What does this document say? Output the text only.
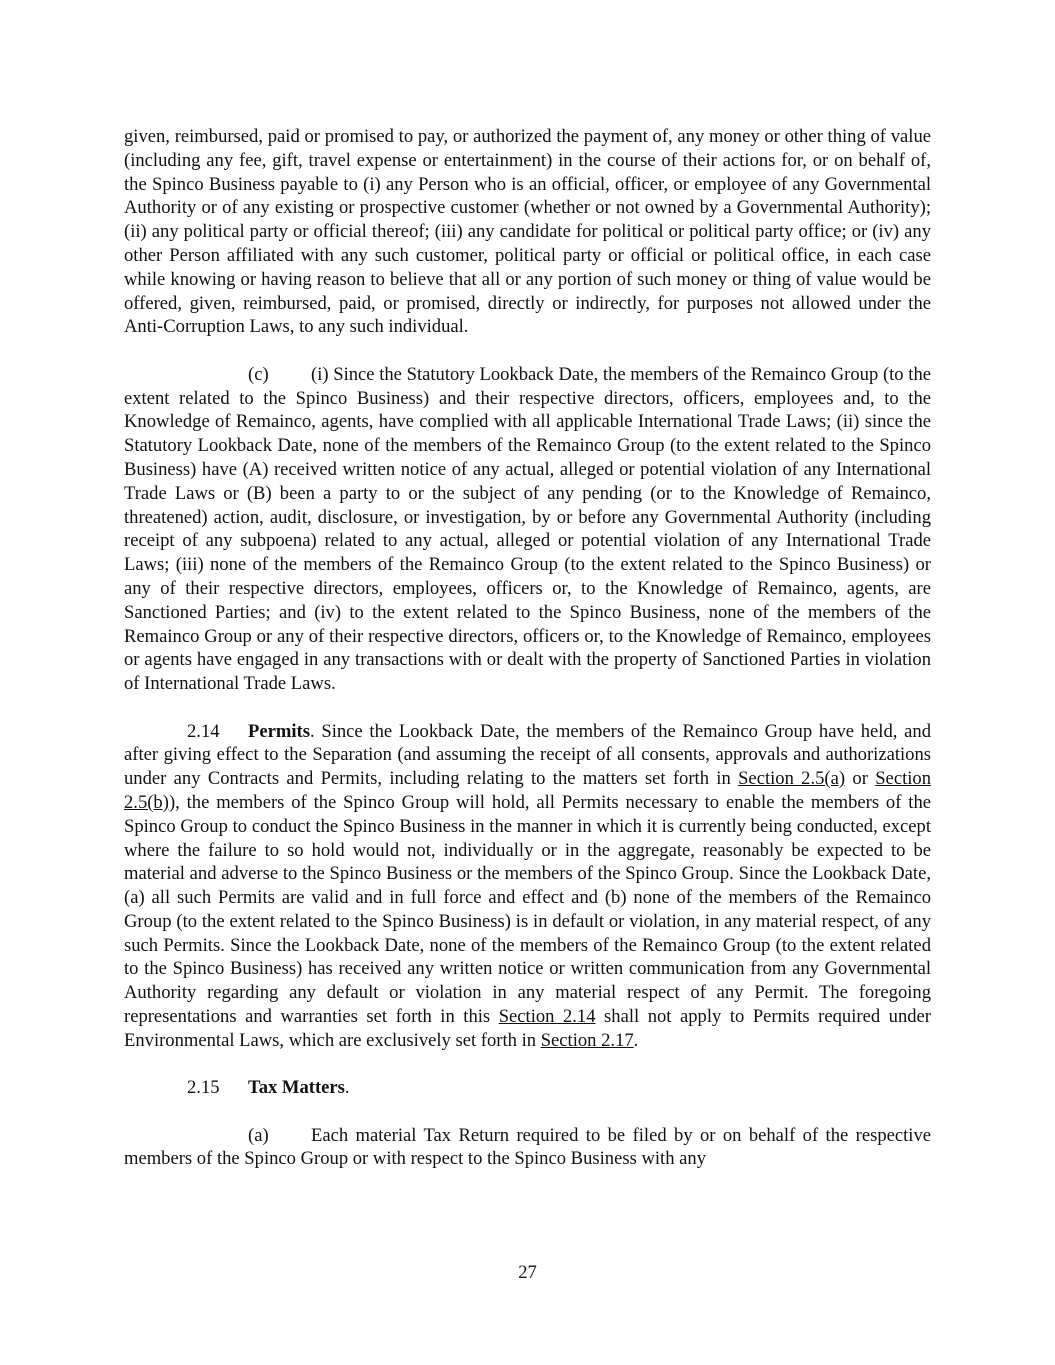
given, reimbursed, paid or promised to pay, or authorized the payment of, any money or other thing of value (including any fee, gift, travel expense or entertainment) in the course of their actions for, or on behalf of, the Spinco Business payable to (i) any Person who is an official, officer, or employee of any Governmental Authority or of any existing or prospective customer (whether or not owned by a Governmental Authority); (ii) any political party or official thereof; (iii) any candidate for political or political party office; or (iv) any other Person affiliated with any such customer, political party or official or political office, in each case while knowing or having reason to believe that all or any portion of such money or thing of value would be offered, given, reimbursed, paid, or promised, directly or indirectly, for purposes not allowed under the Anti-Corruption Laws, to any such individual.

(c) (i) Since the Statutory Lookback Date, the members of the Remainco Group (to the extent related to the Spinco Business) and their respective directors, officers, employees and, to the Knowledge of Remainco, agents, have complied with all applicable International Trade Laws; (ii) since the Statutory Lookback Date, none of the members of the Remainco Group (to the extent related to the Spinco Business) have (A) received written notice of any actual, alleged or potential violation of any International Trade Laws or (B) been a party to or the subject of any pending (or to the Knowledge of Remainco, threatened) action, audit, disclosure, or investigation, by or before any Governmental Authority (including receipt of any subpoena) related to any actual, alleged or potential violation of any International Trade Laws; (iii) none of the members of the Remainco Group (to the extent related to the Spinco Business) or any of their respective directors, employees, officers or, to the Knowledge of Remainco, agents, are Sanctioned Parties; and (iv) to the extent related to the Spinco Business, none of the members of the Remainco Group or any of their respective directors, officers or, to the Knowledge of Remainco, employees or agents have engaged in any transactions with or dealt with the property of Sanctioned Parties in violation of International Trade Laws.

2.14 Permits. Since the Lookback Date, the members of the Remainco Group have held, and after giving effect to the Separation (and assuming the receipt of all consents, approvals and authorizations under any Contracts and Permits, including relating to the matters set forth in Section 2.5(a) or Section 2.5(b)), the members of the Spinco Group will hold, all Permits necessary to enable the members of the Spinco Group to conduct the Spinco Business in the manner in which it is currently being conducted, except where the failure to so hold would not, individually or in the aggregate, reasonably be expected to be material and adverse to the Spinco Business or the members of the Spinco Group. Since the Lookback Date, (a) all such Permits are valid and in full force and effect and (b) none of the members of the Remainco Group (to the extent related to the Spinco Business) is in default or violation, in any material respect, of any such Permits. Since the Lookback Date, none of the members of the Remainco Group (to the extent related to the Spinco Business) has received any written notice or written communication from any Governmental Authority regarding any default or violation in any material respect of any Permit. The foregoing representations and warranties set forth in this Section 2.14 shall not apply to Permits required under Environmental Laws, which are exclusively set forth in Section 2.17.

2.15 Tax Matters.

(a) Each material Tax Return required to be filed by or on behalf of the respective members of the Spinco Group or with respect to the Spinco Business with any

27
